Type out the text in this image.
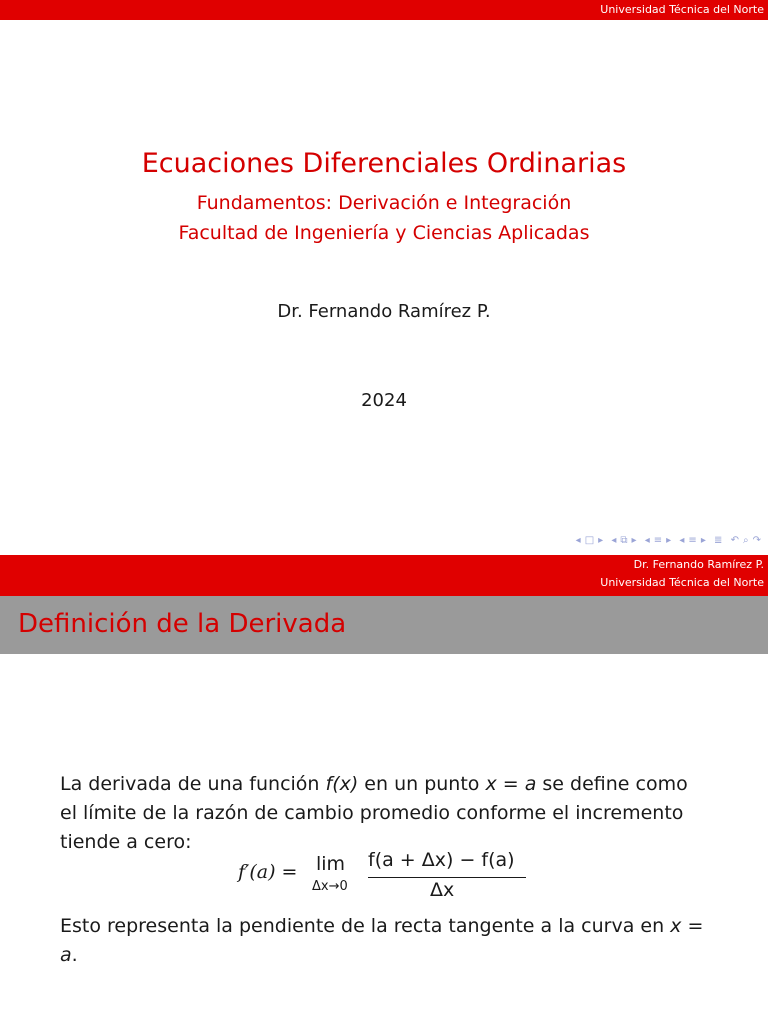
Universidad Técnica del Norte
Ecuaciones Diferenciales Ordinarias
Fundamentos: Derivación e Integración
Facultad de Ingeniería y Ciencias Aplicadas
Dr. Fernando Ramírez P.
2024
◂ □ ▸ ◂ ⧉ ▸ ◂ ≡ ▸ ◂ ≡ ▸ ≣ ↶ ⌕ ↷
Dr. Fernando Ramírez P.
Universidad Técnica del Norte
Definición de la Derivada
La derivada de una función f(x) en un punto x = a se define como el límite de la razón de cambio promedio conforme el incremento tiende a cero:
f′(a) = lim
Δx→0
f(a + Δx) − f(a)
Δx
Esto representa la pendiente de la recta tangente a la curva en x = a.
